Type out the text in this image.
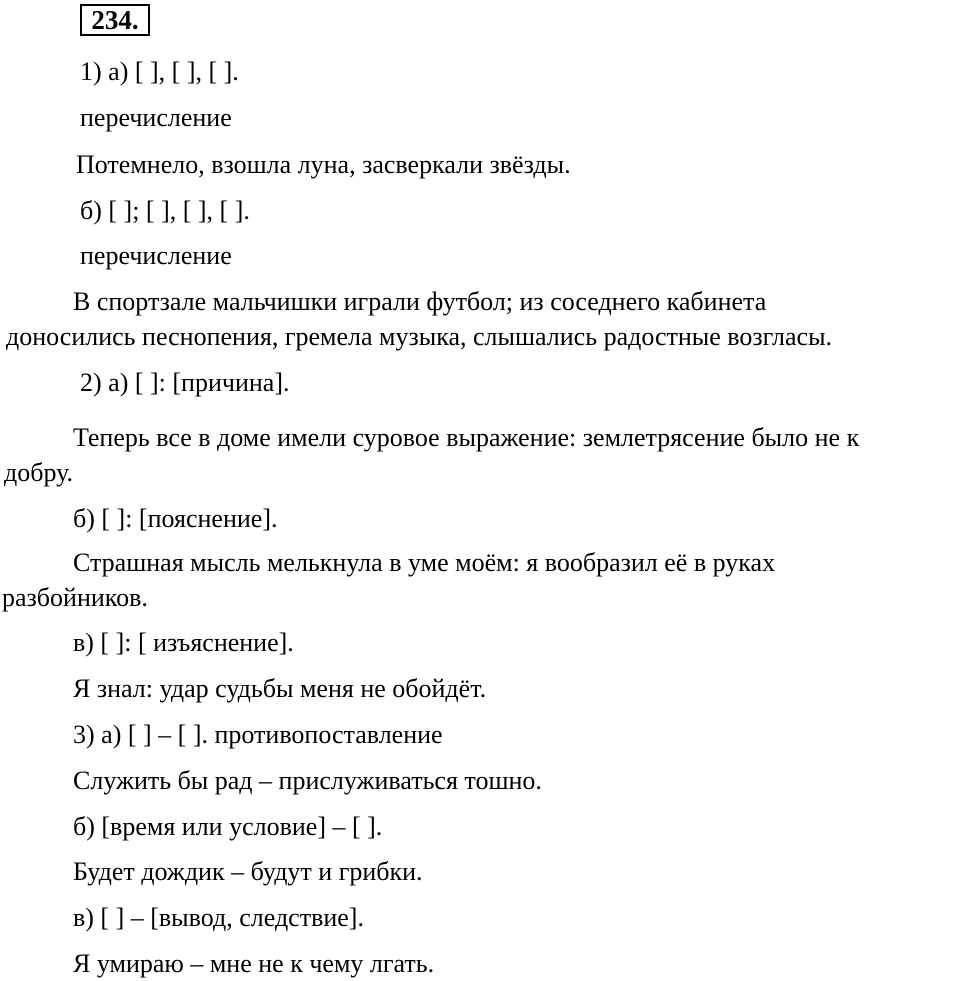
234.
1) а) [ ], [ ], [ ].
перечисление
Потемнело, взошла луна, засверкали звёзды.
б) [ ]; [ ], [ ], [ ].
перечисление
В спортзале мальчишки играли футбол; из соседнего кабинета
доносились песнопения, гремела музыка, слышались радостные возгласы.
2) а) [ ]: [причина].
Теперь все в доме имели суровое выражение: землетрясение было не к
добру.
б) [ ]: [пояснение].
Страшная мысль мелькнула в уме моём: я вообразил её в руках
разбойников.
в) [ ]: [ изъяснение].
Я знал: удар судьбы меня не обойдёт.
3) а) [ ] – [ ]. противопоставление
Служить бы рад – прислуживаться тошно.
б) [время или условие] – [ ].
Будет дождик – будут и грибки.
в) [ ] – [вывод, следствие].
Я умираю – мне не к чему лгать.
